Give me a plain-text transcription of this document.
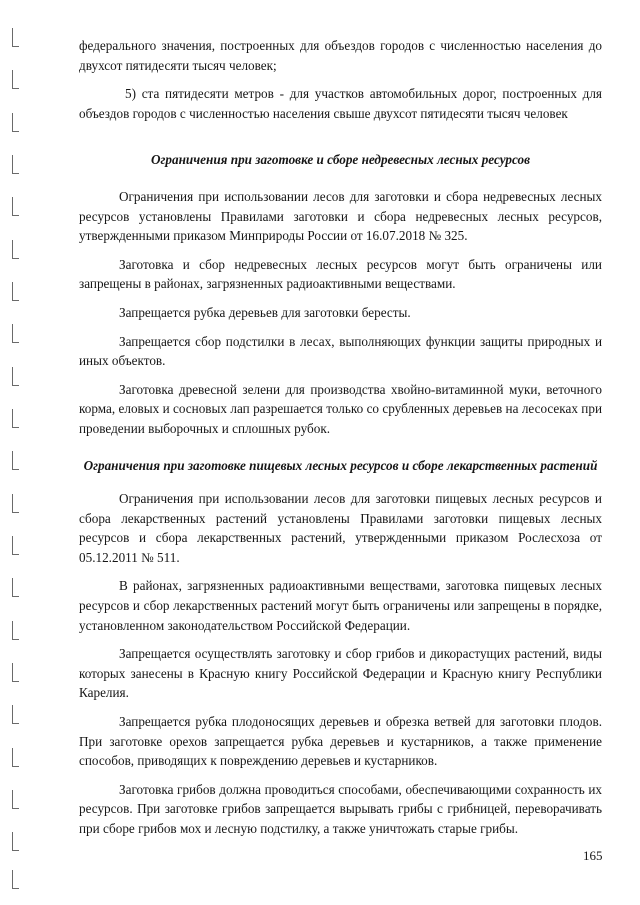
федерального значения, построенных для объездов городов с численностью населения до двухсот пятидесяти тысяч человек;

5) ста пятидесяти метров - для участков автомобильных дорог, построенных для объездов городов с численностью населения свыше двухсот пятидесяти тысяч человек

Ограничения при заготовке и сборе недревесных лесных ресурсов

Ограничения при использовании лесов для заготовки и сбора недревесных лесных ресурсов установлены Правилами заготовки и сбора недревесных лесных ресурсов, утвержденными приказом Минприроды России от 16.07.2018 № 325.

Заготовка и сбор недревесных лесных ресурсов могут быть ограничены или запрещены в районах, загрязненных радиоактивными веществами.

Запрещается рубка деревьев для заготовки бересты.

Запрещается сбор подстилки в лесах, выполняющих функции защиты природных и иных объектов.

Заготовка древесной зелени для производства хвойно-витаминной муки, веточного корма, еловых и сосновых лап разрешается только со срубленных деревьев на лесосеках при проведении выборочных и сплошных рубок.

Ограничения при заготовке пищевых лесных ресурсов и сборе лекарственных растений

Ограничения при использовании лесов для заготовки пищевых лесных ресурсов и сбора лекарственных растений установлены Правилами заготовки пищевых лесных ресурсов и сбора лекарственных растений, утвержденными приказом Рослесхоза от 05.12.2011 № 511.

В районах, загрязненных радиоактивными веществами, заготовка пищевых лесных ресурсов и сбор лекарственных растений могут быть ограничены или запрещены в порядке, установленном законодательством Российской Федерации.

Запрещается осуществлять заготовку и сбор грибов и дикорастущих растений, виды которых занесены в Красную книгу Российской Федерации и Красную книгу Республики Карелия.

Запрещается рубка плодоносящих деревьев и обрезка ветвей для заготовки плодов. При заготовке орехов запрещается рубка деревьев и кустарников, а также применение способов, приводящих к повреждению деревьев и кустарников.

Заготовка грибов должна проводиться способами, обеспечивающими сохранность их ресурсов. При заготовке грибов запрещается вырывать грибы с грибницей, переворачивать при сборе грибов мох и лесную подстилку, а также уничтожать старые грибы.

165
